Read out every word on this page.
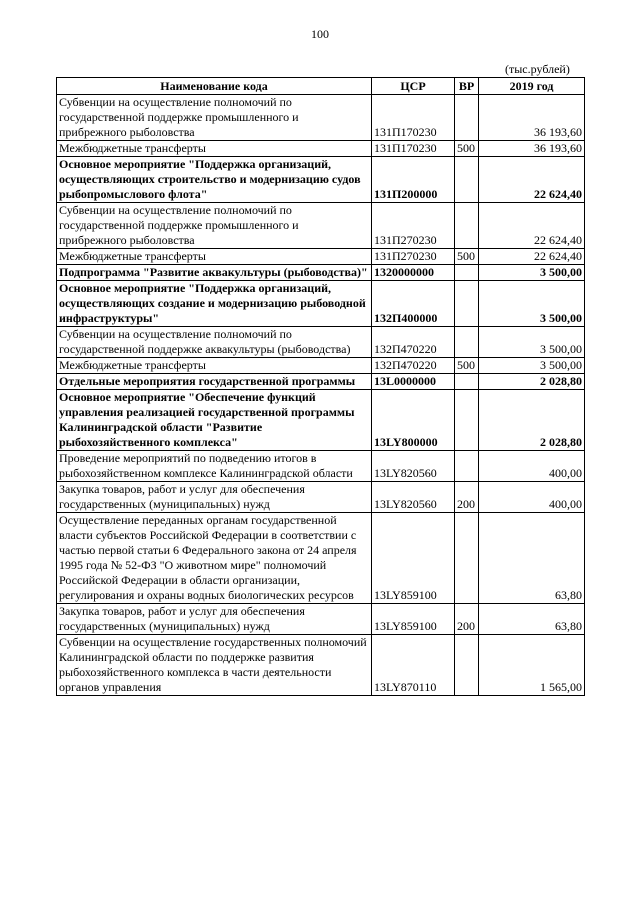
100
(тыс.рублей)
Наименование кода	ЦСР	ВР	2019 год
Субвенции на осуществление полномочий по государственной поддержке промышленного и прибрежного рыболовства	131П170230		36 193,60
Межбюджетные трансферты	131П170230	500	36 193,60
Основное мероприятие "Поддержка организаций, осуществляющих строительство и модернизацию судов рыбопромыслового флота"	131П200000		22 624,40
Субвенции на осуществление полномочий по государственной поддержке промышленного и прибрежного рыболовства	131П270230		22 624,40
Межбюджетные трансферты	131П270230	500	22 624,40
Подпрограмма "Развитие аквакультуры (рыбоводства)"	1320000000		3 500,00
Основное мероприятие "Поддержка организаций, осуществляющих создание и модернизацию рыбоводной инфраструктуры"	132П400000		3 500,00
Субвенции на осуществление полномочий по государственной поддержке аквакультуры (рыбоводства)	132П470220		3 500,00
Межбюджетные трансферты	132П470220	500	3 500,00
Отдельные мероприятия государственной программы	13L0000000		2 028,80
Основное мероприятие "Обеспечение функций управления реализацией государственной программы Калининградской области "Развитие рыбохозяйственного комплекса"	13LY800000		2 028,80
Проведение мероприятий по подведению итогов в рыбохозяйственном комплексе Калининградской области	13LY820560		400,00
Закупка товаров, работ и услуг для обеспечения государственных (муниципальных) нужд	13LY820560	200	400,00
Осуществление переданных органам государственной власти субъектов Российской Федерации в соответствии с частью первой статьи 6 Федерального закона от 24 апреля 1995 года № 52-ФЗ "О животном мире" полномочий Российской Федерации в области организации, регулирования и охраны водных биологических ресурсов	13LY859100		63,80
Закупка товаров, работ и услуг для обеспечения государственных (муниципальных) нужд	13LY859100	200	63,80
Субвенции на осуществление государственных полномочий Калининградской области по поддержке развития рыбохозяйственного комплекса в части деятельности органов управления	13LY870110		1 565,00
